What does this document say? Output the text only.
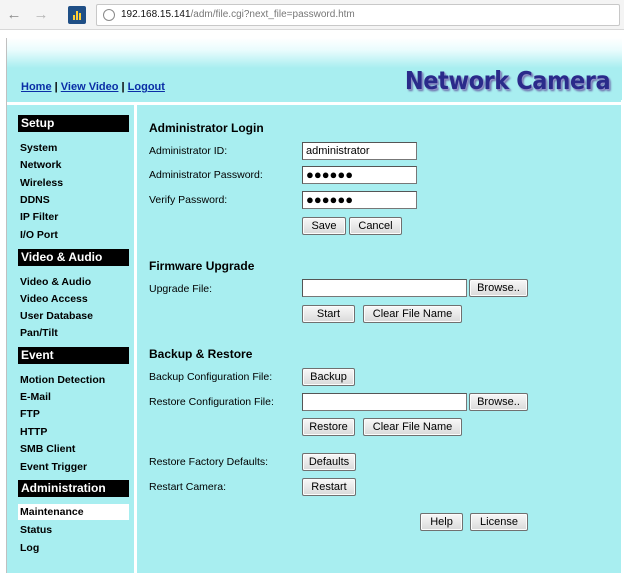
← →	192.168.15.141/adm/file.cgi?next_file=password.htm
Home | View Video | Logout	Network Camera
Setup
System
Network
Wireless
DDNS
IP Filter
I/O Port
Video & Audio
Video & Audio
Video Access
User Database
Pan/Tilt
Event
Motion Detection
E-Mail
FTP
HTTP
SMB Client
Event Trigger
Administration
Maintenance
Status
Log
Administrator Login
Administrator ID:	administrator
Administrator Password:	●●●●●●
Verify Password:	●●●●●●
Save	Cancel
Firmware Upgrade
Upgrade File:	Browse..
Start	Clear File Name
Backup & Restore
Backup Configuration File:	Backup
Restore Configuration File:	Browse..
Restore	Clear File Name
Restore Factory Defaults:	Defaults
Restart Camera:	Restart
Help	License
